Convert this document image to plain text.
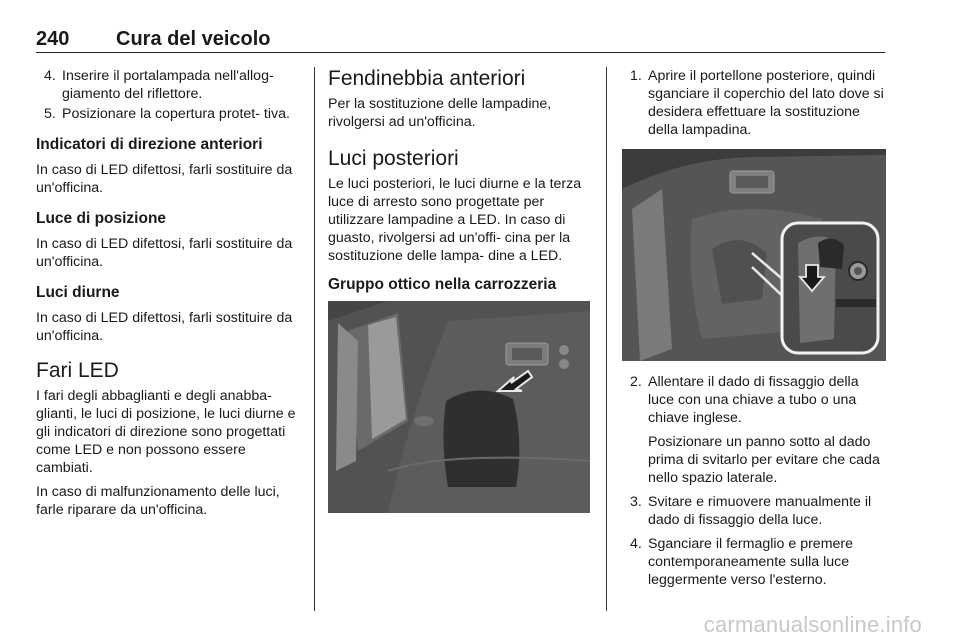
240 Cura del veicolo
4. Inserire il portalampada nell'allog- giamento del riflettore.
5. Posizionare la copertura protet- tiva.
Indicatori di direzione anteriori

In caso di LED difettosi, farli sostituire da un'officina.

Luce di posizione

In caso di LED difettosi, farli sostituire da un'officina.

Luci diurne

In caso di LED difettosi, farli sostituire da un'officina.

Fari LED

I fari degli abbaglianti e degli anabba- glianti, le luci di posizione, le luci diurne e gli indicatori di direzione sono progettati come LED e non possono essere cambiati.

In caso di malfunzionamento delle luci, farle riparare da un'officina.

Fendinebbia anteriori

Per la sostituzione delle lampadine, rivolgersi ad un'officina.

Luci posteriori

Le luci posteriori, le luci diurne e la terza luce di arresto sono progettate per utilizzare lampadine a LED. In caso di guasto, rivolgersi ad un'offi- cina per la sostituzione delle lampa- dine a LED.

Gruppo ottico nella carrozzeria
1. Aprire il portellone posteriore, quindi sganciare il coperchio del lato dove si desidera effettuare la sostituzione della lampadina.
2. Allentare il dado di fissaggio della luce con una chiave a tubo o una chiave inglese.
Posizionare un panno sotto al dado prima di svitarlo per evitare che cada nello spazio laterale.
3. Svitare e rimuovere manualmente il dado di fissaggio della luce.
4. Sganciare il fermaglio e premere contemporaneamente sulla luce leggermente verso l'esterno.
carmanualsonline.info
